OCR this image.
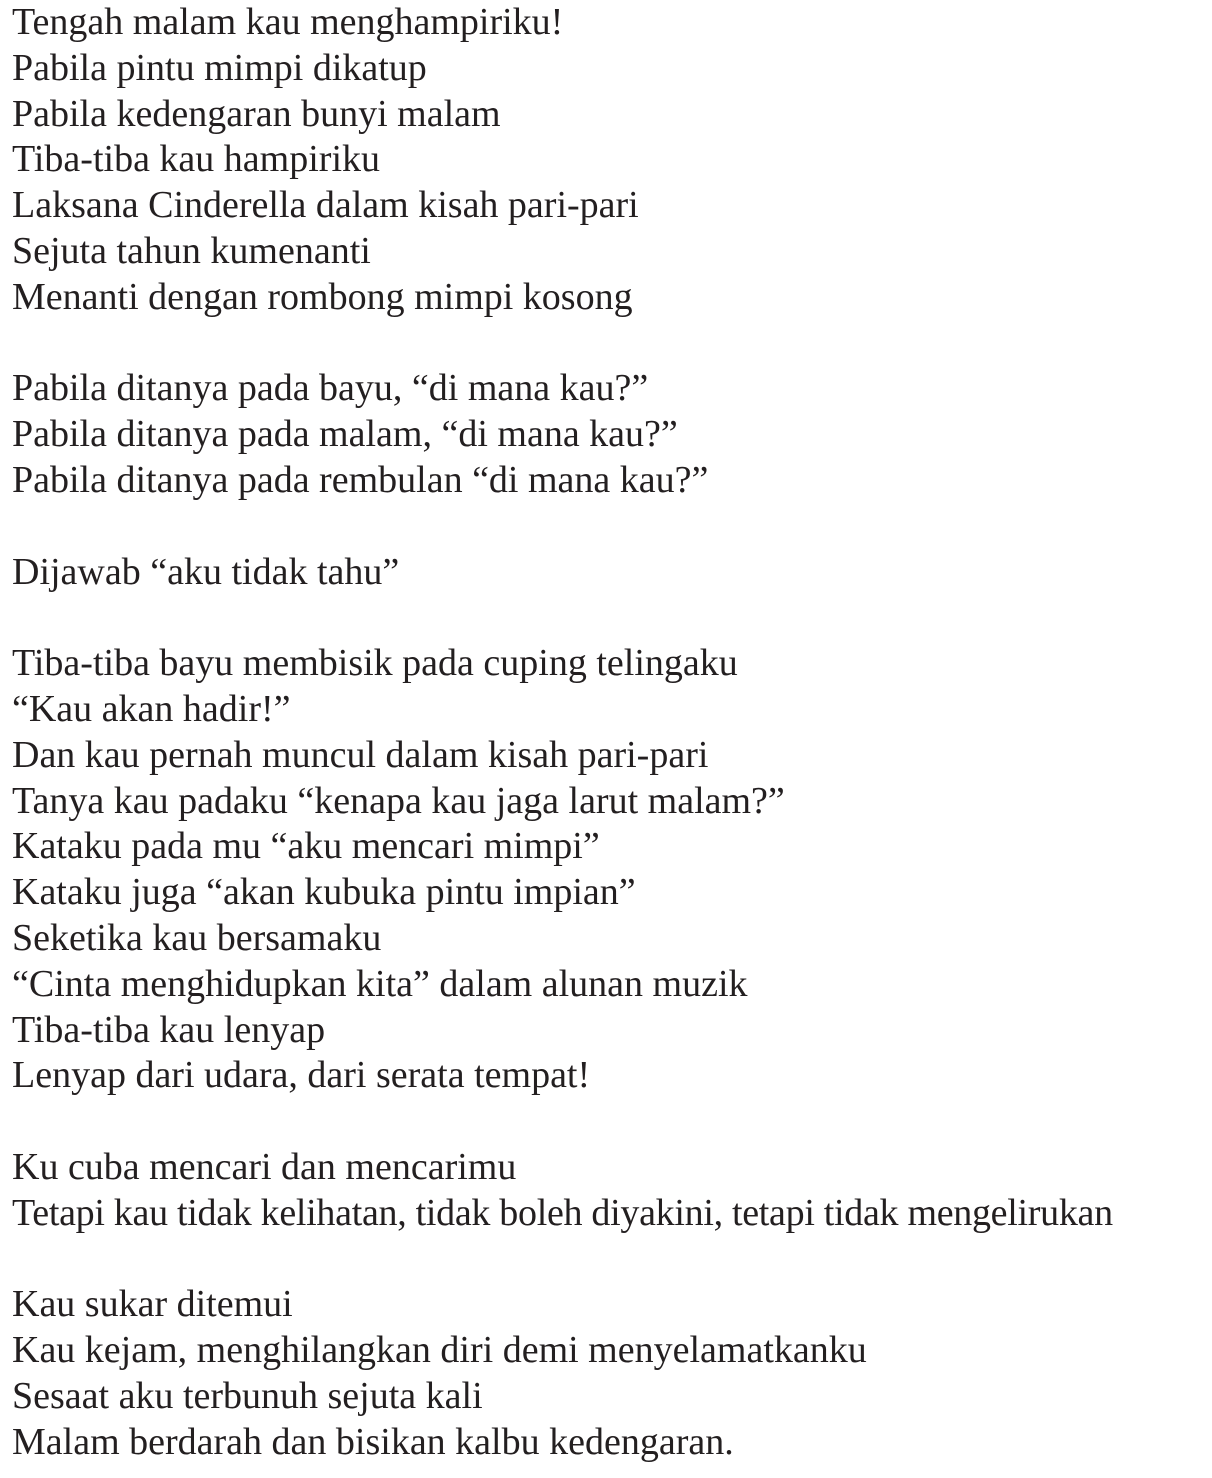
Tengah malam kau menghampiriku!
Pabila pintu mimpi dikatup
Pabila kedengaran bunyi malam
Tiba-tiba kau hampiriku
Laksana Cinderella dalam kisah pari-pari
Sejuta tahun kumenanti
Menanti dengan rombong mimpi kosong
Pabila ditanya pada bayu, “di mana kau?”
Pabila ditanya pada malam, “di mana kau?”
Pabila ditanya pada rembulan “di mana kau?”
Dijawab “aku tidak tahu”
Tiba-tiba bayu membisik pada cuping telingaku
“Kau akan hadir!”
Dan kau pernah muncul dalam kisah pari-pari
Tanya kau padaku “kenapa kau jaga larut malam?”
Kataku pada mu “aku mencari mimpi”
Kataku juga “akan kubuka pintu impian”
Seketika kau bersamaku
“Cinta menghidupkan kita” dalam alunan muzik
Tiba-tiba kau lenyap
Lenyap dari udara, dari serata tempat!
Ku cuba mencari dan mencarimu
Tetapi kau tidak kelihatan, tidak boleh diyakini, tetapi tidak mengelirukan
Kau sukar ditemui
Kau kejam, menghilangkan diri demi menyelamatkanku
Sesaat aku terbunuh sejuta kali
Malam berdarah dan bisikan kalbu kedengaran.
